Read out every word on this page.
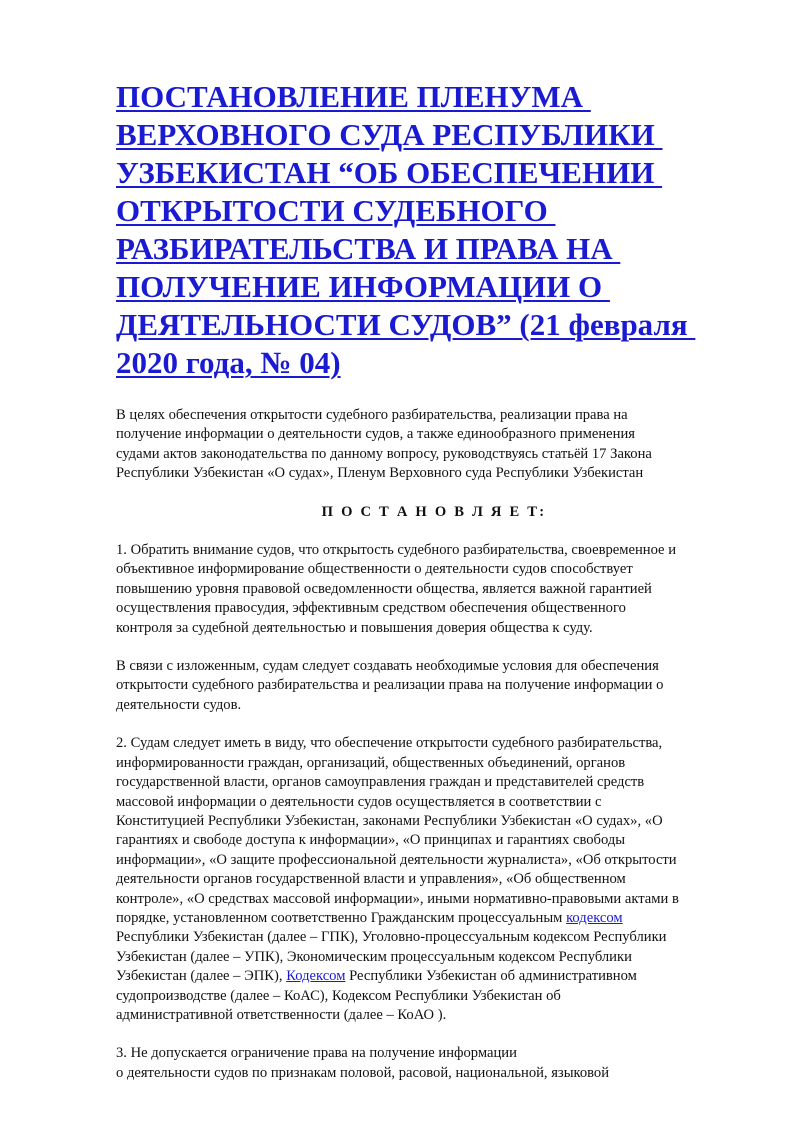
ПОСТАНОВЛЕНИЕ ПЛЕНУМА
ВЕРХОВНОГО СУДА РЕСПУБЛИКИ
УЗБЕКИСТАН “ОБ ОБЕСПЕЧЕНИИ
ОТКРЫТОСТИ СУДЕБНОГО
РАЗБИРАТЕЛЬСТВА И ПРАВА НА
ПОЛУЧЕНИЕ ИНФОРМАЦИИ О
ДЕЯТЕЛЬНОСТИ СУДОВ” (21 февраля
2020 года, № 04)

В целях обеспечения открытости судебного разбирательства, реализации права на
получение информации о деятельности судов, а также единообразного применения
судами актов законодательства по данному вопросу, руководствуясь статьёй 17 Закона
Республики Узбекистан «О судах», Пленум Верховного суда Республики Узбекистан

П О С Т А Н О В Л Я Е Т:

1. Обратить внимание судов, что открытость судебного разбирательства, своевременное и
объективное информирование общественности о деятельности судов способствует
повышению уровня правовой осведомленности общества, является важной гарантией
осуществления правосудия, эффективным средством обеспечения общественного
контроля за судебной деятельностью и повышения доверия общества к суду.

В связи с изложенным, судам следует создавать необходимые условия для обеспечения
открытости судебного разбирательства и реализации права на получение информации о
деятельности судов.

2. Судам следует иметь в виду, что обеспечение открытости судебного разбирательства,
информированности граждан, организаций, общественных объединений, органов
государственной власти, органов самоуправления граждан и представителей средств
массовой информации о деятельности судов осуществляется в соответствии с
Конституцией Республики Узбекистан, законами Республики Узбекистан «О судах», «О
гарантиях и свободе доступа к информации», «О принципах и гарантиях свободы
информации», «О защите профессиональной деятельности журналиста», «Об открытости
деятельности органов государственной власти и управления», «Об общественном
контроле», «О средствах массовой информации», иными нормативно-правовыми актами в
порядке, установленном соответственно Гражданским процессуальным кодексом
Республики Узбекистан (далее – ГПК), Уголовно-процессуальным кодексом Республики
Узбекистан (далее – УПК), Экономическим процессуальным кодексом Республики
Узбекистан (далее – ЭПК), Кодексом Республики Узбекистан об административном
судопроизводстве (далее – КоАС), Кодексом Республики Узбекистан об
административной ответственности (далее – КоАО ).

3. Не допускается ограничение права на получение информации
о деятельности судов по признакам половой, расовой, национальной, языковой
